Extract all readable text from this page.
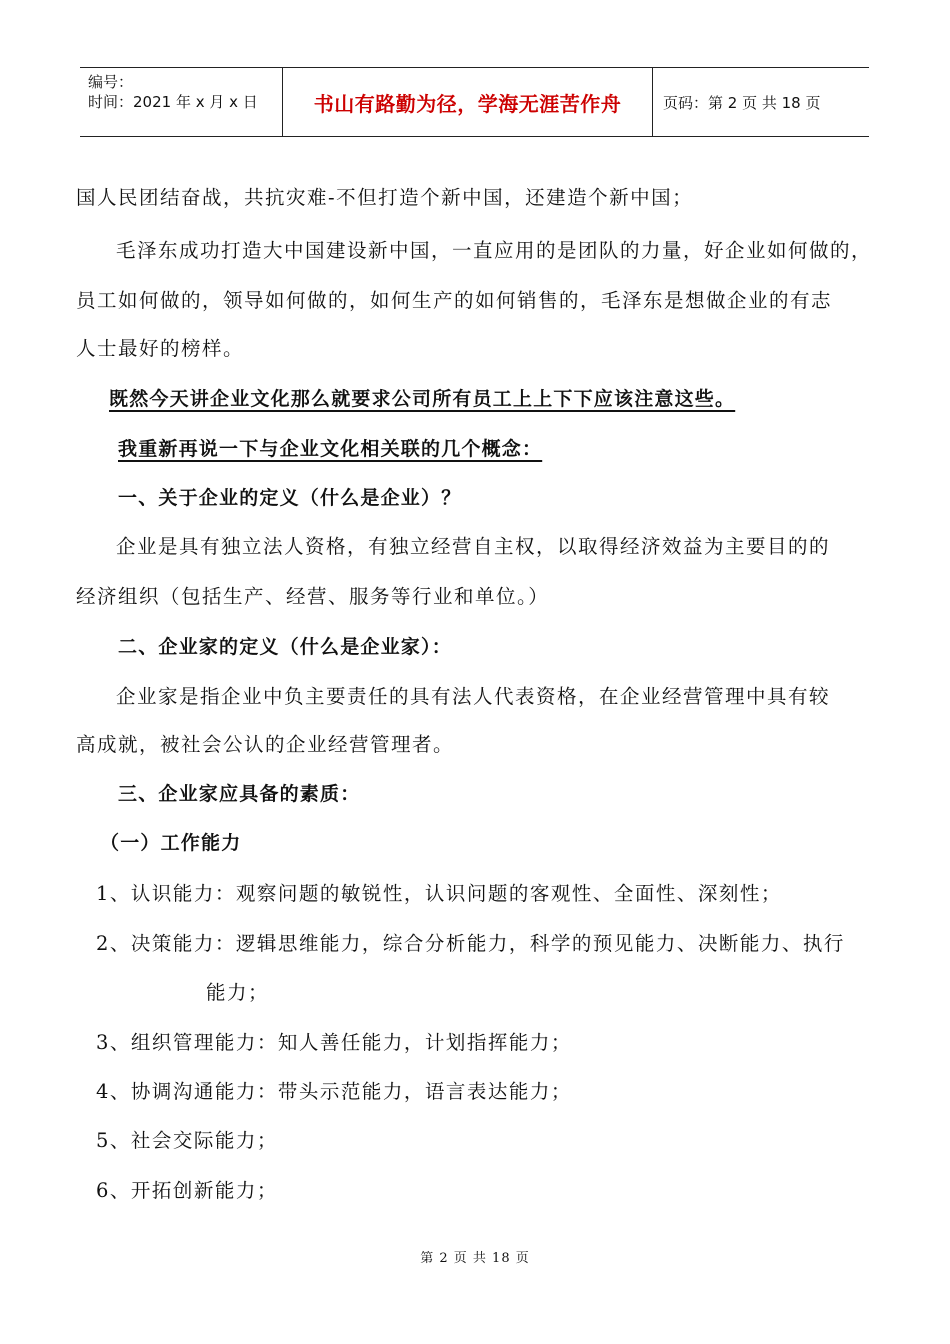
编号：
时间：2021 年 x 月 x 日	书山有路勤为径，学海无涯苦作舟	页码：第 2 页 共 18 页
国人民团结奋战，共抗灾难-不但打造个新中国，还建造个新中国；
毛泽东成功打造大中国建设新中国，一直应用的是团队的力量，好企业如何做的，
员工如何做的，领导如何做的，如何生产的如何销售的，毛泽东是想做企业的有志
人士最好的榜样。
既然今天讲企业文化那么就要求公司所有员工上上下下应该注意这些。
我重新再说一下与企业文化相关联的几个概念：
一、关于企业的定义（什么是企业）？
企业是具有独立法人资格，有独立经营自主权，以取得经济效益为主要目的的
经济组织（包括生产、经营、服务等行业和单位。）
二、企业家的定义（什么是企业家）：
企业家是指企业中负主要责任的具有法人代表资格，在企业经营管理中具有较
高成就，被社会公认的企业经营管理者。
三、企业家应具备的素质：
（一）工作能力
1、认识能力：观察问题的敏锐性，认识问题的客观性、全面性、深刻性；
2、决策能力：逻辑思维能力，综合分析能力，科学的预见能力、决断能力、执行
能力；
3、组织管理能力：知人善任能力，计划指挥能力；
4、协调沟通能力：带头示范能力，语言表达能力；
5、社会交际能力；
6、开拓创新能力；
第 2 页 共 18 页
